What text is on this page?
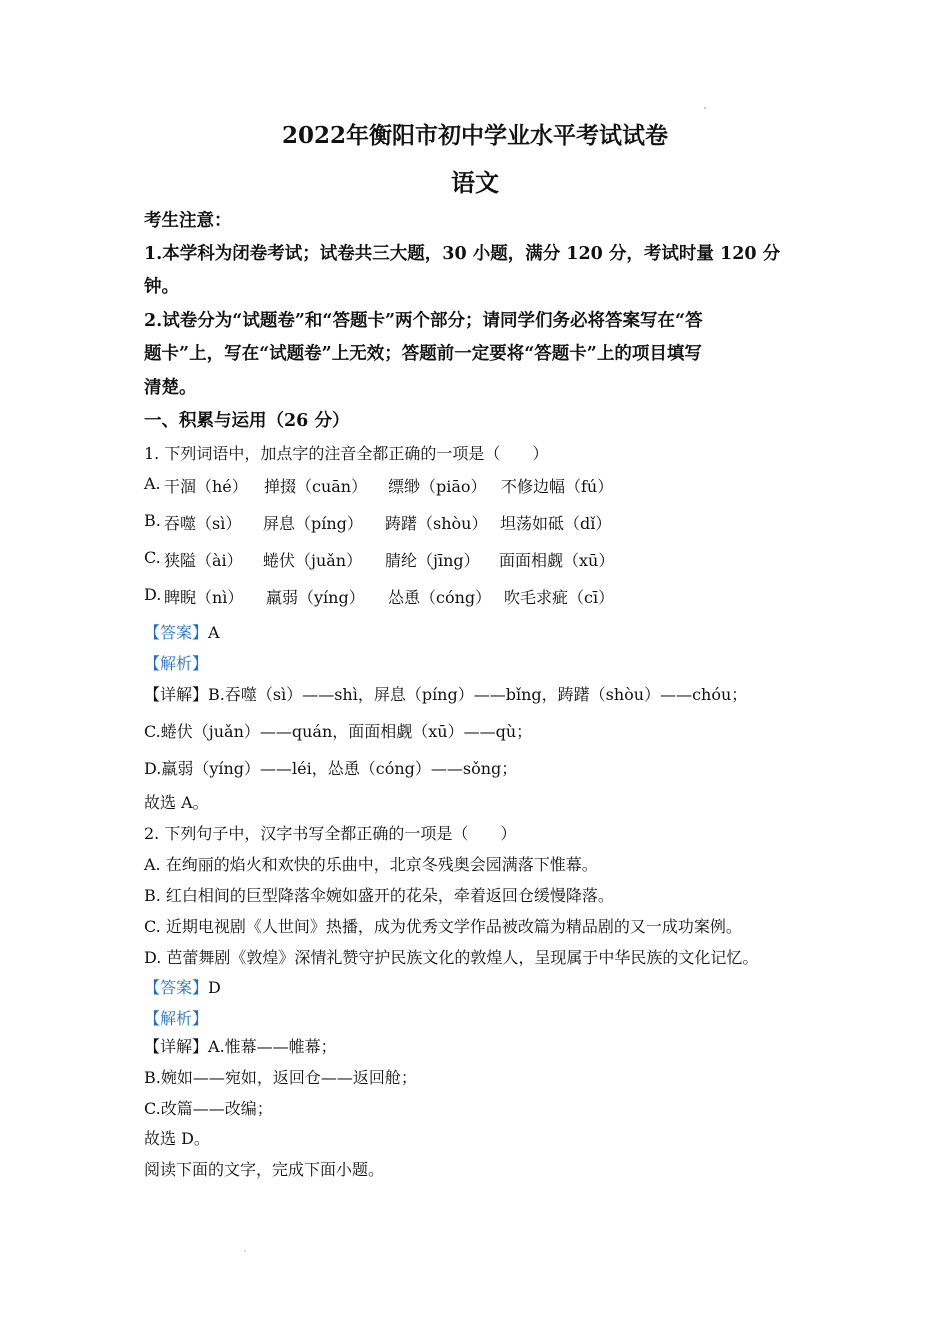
2022年衡阳市初中学业水平考试试卷
语文
考生注意：
1.本学科为闭卷考试；试卷共三大题，30 小题，满分 120 分，考试时量 120 分
钟。
2.试卷分为“试题卷”和“答题卡”两个部分；请同学们务必将答案写在“答
题卡”上，写在“试题卷”上无效；答题前一定要将“答题卡”上的项目填写
清楚。
一、积累与运用（26 分）
1. 下列词语中，加点字的注音全都正确的一项是（　　）
A. 干涸（hé） 掸掇（cuān） 缥缈（piāo） 不修边幅（fú）
B. 吞噬（sì） 屏息（píng） 踌躇（shòu） 坦荡如砥（dǐ）
C. 狭隘（ài） 蜷伏（juǎn） 腈纶（jīng） 面面相觑（xū）
D. 睥睨（nì） 羸弱（yíng） 怂恿（cóng） 吹毛求疵（cī）
【答案】A
【解析】
【详解】B.吞噬（sì）——shì，屏息（píng）——bǐng，踌躇（shòu）——chóu；
C.蜷伏（juǎn）——quán，面面相觑（xū）——qù；
D.羸弱（yíng）——léi，怂恿（cóng）——sǒng；
故选 A。
2. 下列句子中，汉字书写全都正确的一项是（　　）
A. 在绚丽的焰火和欢快的乐曲中，北京冬残奥会园满落下惟幕。
B. 红白相间的巨型降落伞婉如盛开的花朵，牵着返回仓缓慢降落。
C. 近期电视剧《人世间》热播，成为优秀文学作品被改篇为精品剧的又一成功案例。
D. 芭蕾舞剧《敦煌》深情礼赞守护民族文化的敦煌人，呈现属于中华民族的文化记忆。
【答案】D
【解析】
【详解】A.惟幕——帷幕；
B.婉如——宛如，返回仓——返回舱；
C.改篇——改编；
故选 D。
阅读下面的文字，完成下面小题。
